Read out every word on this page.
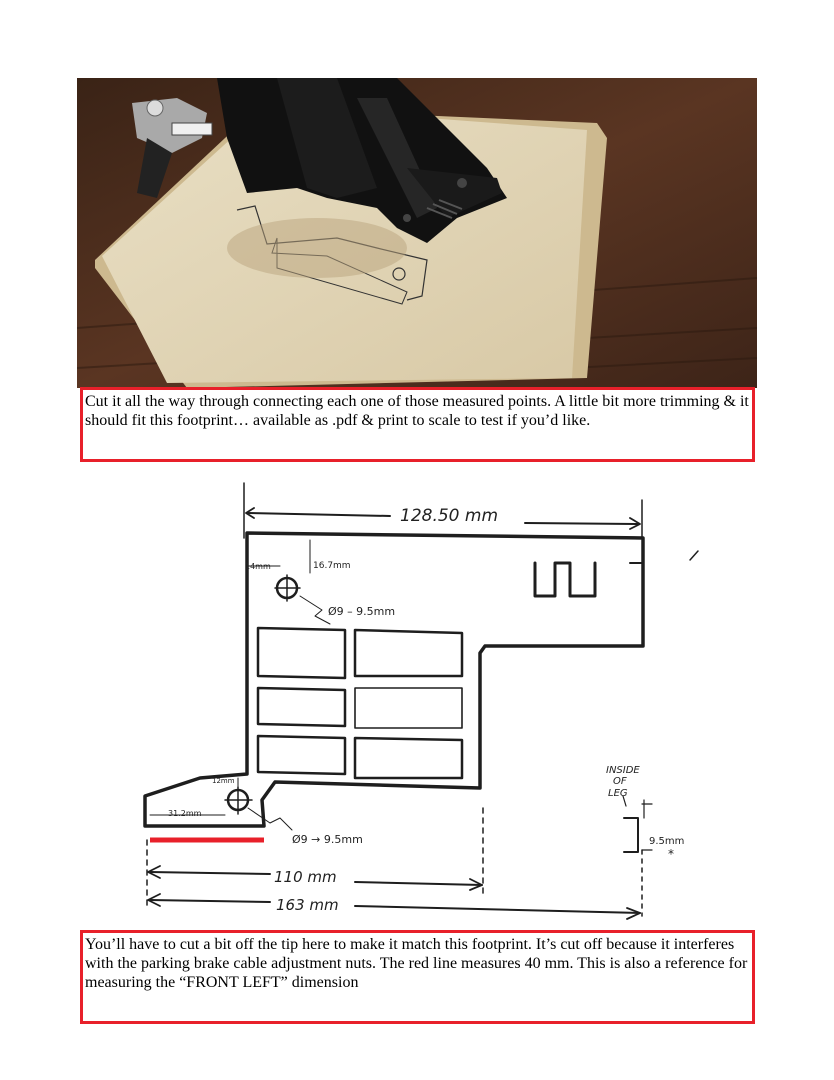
Cut it all the way through connecting each one of those measured points. A little bit more trimming & it should fit this footprint… available as .pdf & print to scale to test if you’d like.
128.50 mm
14mm	16.7mm
Ø9 – 9.5mm
12mm
31.2mm
Ø9 → 9.5mm
110 mm
163 mm
INSIDE
OF
LEG
9.5mm
*
You’ll have to cut a bit off the tip here to make it match this footprint. It’s cut off because it interferes with the parking brake cable adjustment nuts. The red line measures 40 mm. This is also a reference for measuring the “FRONT LEFT” dimension
